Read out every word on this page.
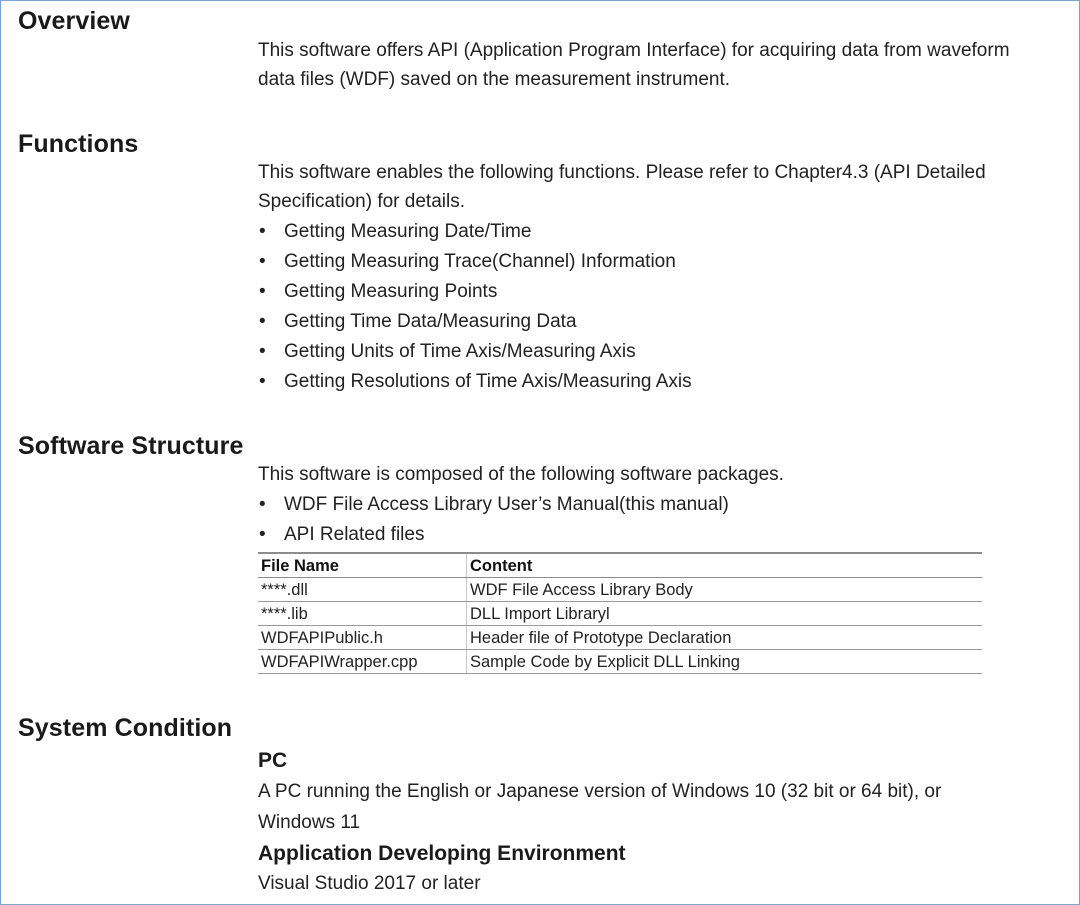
Overview

This software offers API (Application Program Interface) for acquiring data from waveform

data files (WDF) saved on the measurement instrument.

Functions

This software enables the following functions. Please refer to Chapter4.3 (API Detailed

Specification) for details.

• Getting Measuring Date/Time
• Getting Measuring Trace(Channel) Information
• Getting Measuring Points
• Getting Time Data/Measuring Data
• Getting Units of Time Axis/Measuring Axis
• Getting Resolutions of Time Axis/Measuring Axis
Software Structure

This software is composed of the following software packages.

• WDF File Access Library User’s Manual(this manual)
• API Related files
File Name	Content
****.dll	WDF File Access Library Body
****.lib	DLL Import Libraryl
WDFAPIPublic.h	Header file of Prototype Declaration
WDFAPIWrapper.cpp	Sample Code by Explicit DLL Linking
System Condition
PC

A PC running the English or Japanese version of Windows 10 (32 bit or 64 bit), or

Windows 11

Application Developing Environment

Visual Studio 2017 or later
